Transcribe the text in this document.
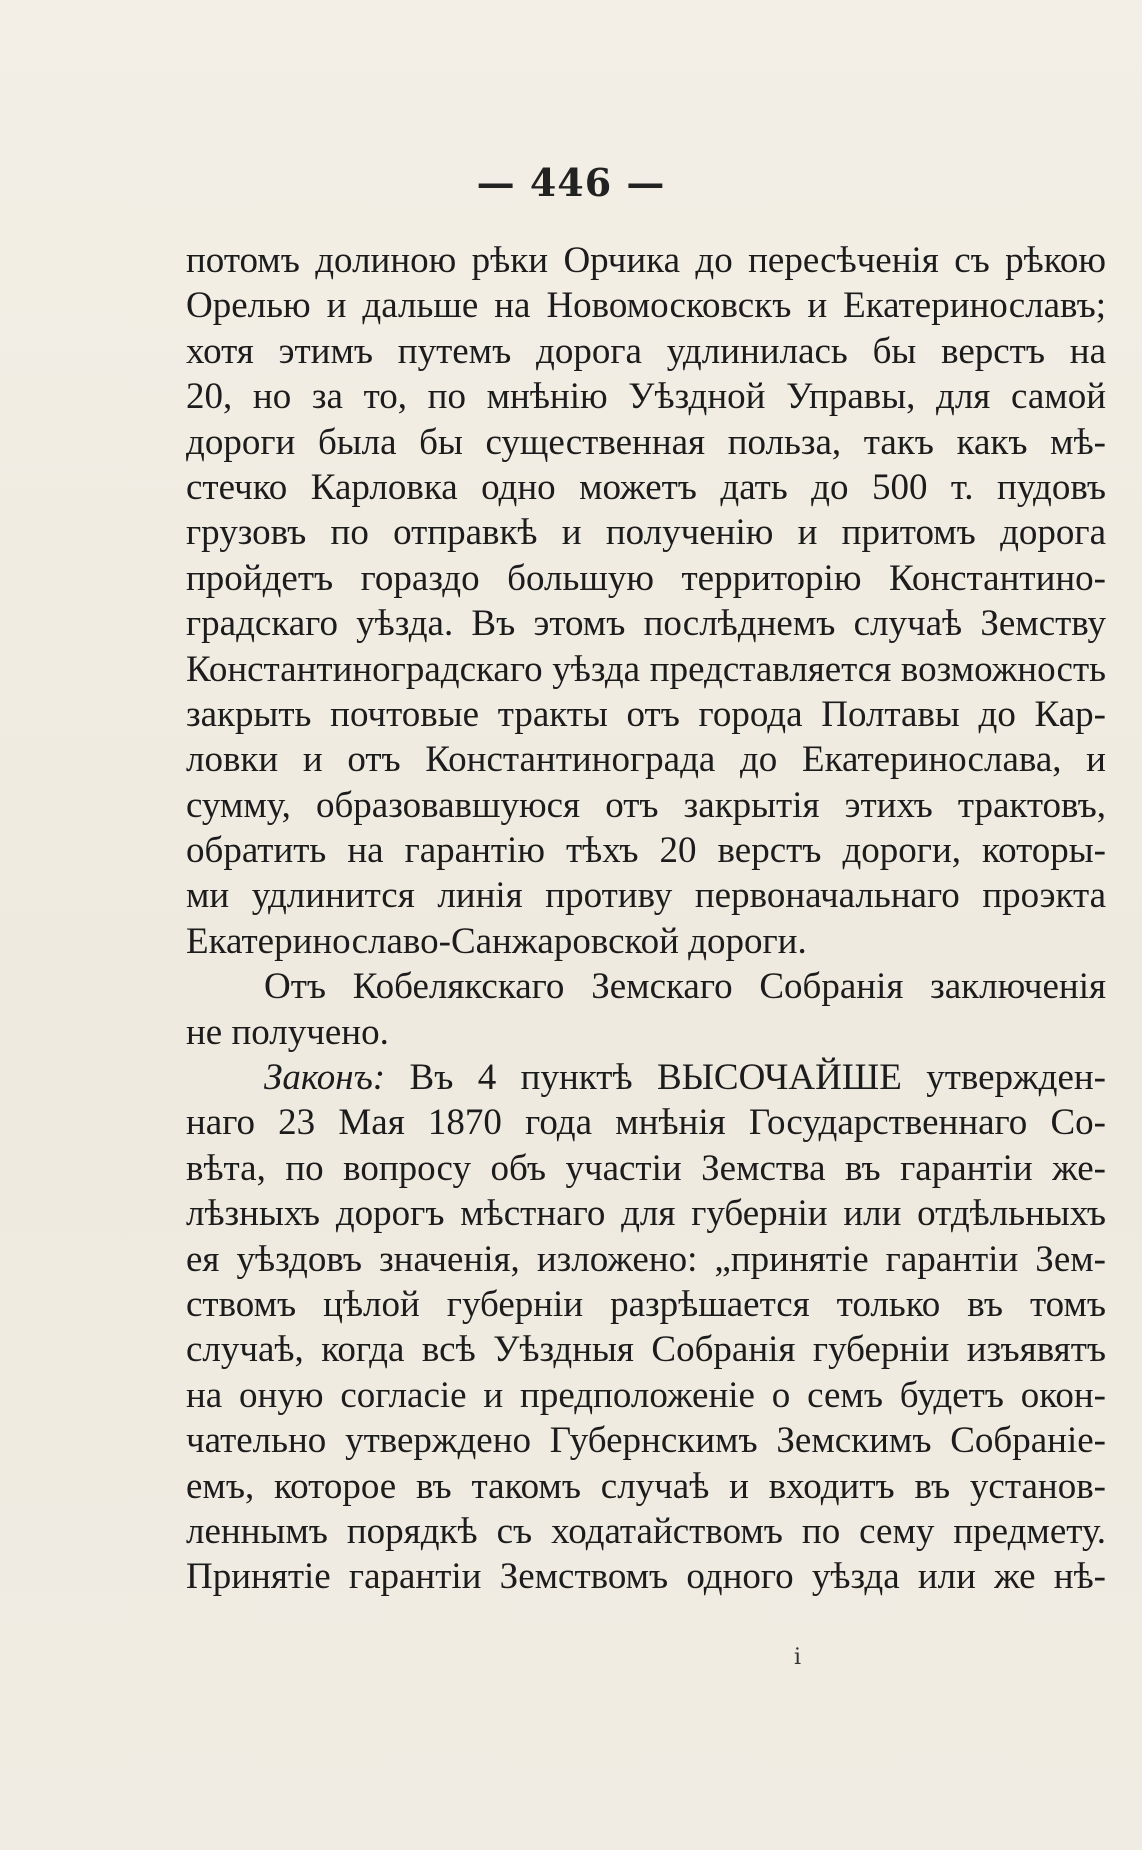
— 446 —
потомъ долиною рѣки Орчика до пересѣченія съ рѣкою
Орелью и дальше на Новомосковскъ и Екатеринославъ;
хотя этимъ путемъ дорога удлинилась бы верстъ на
20, но за то, по мнѣнію Уѣздной Управы, для самой
дороги была бы существенная польза, такъ какъ мѣ-
стечко Карловка одно можетъ дать до 500 т. пудовъ
грузовъ по отправкѣ и полученію и притомъ дорога
пройдетъ гораздо большую территорію Константино-
градскаго уѣзда. Въ этомъ послѣднемъ случаѣ Земству
Константиноградскаго уѣзда представляется возможность
закрыть почтовые тракты отъ города Полтавы до Кар-
ловки и отъ Константинограда до Екатеринослава, и
сумму, образовавшуюся отъ закрытія этихъ трактовъ,
обратить на гарантію тѣхъ 20 верстъ дороги, которы-
ми удлинится линія противу первоначальнаго проэкта
Екатеринославо-Санжаровской дороги.
Отъ Кобелякскаго Земскаго Собранія заключенія
не получено.
Законъ: Въ 4 пунктѣ ВЫСОЧАЙШЕ утвержден-
наго 23 Мая 1870 года мнѣнія Государственнаго Со-
вѣта, по вопросу объ участіи Земства въ гарантіи же-
лѣзныхъ дорогъ мѣстнаго для губерніи или отдѣльныхъ
ея уѣздовъ значенія, изложено: „принятіе гарантіи Зем-
ствомъ цѣлой губерніи разрѣшается только въ томъ
случаѣ, когда всѣ Уѣздныя Собранія губерніи изъявятъ
на оную согласіе и предположеніе о семъ будетъ окон-
чательно утверждено Губернскимъ Земскимъ Собраніе-
емъ, которое въ такомъ случаѣ и входитъ въ установ-
леннымъ порядкѣ съ ходатайствомъ по сему предмету.
Принятіе гарантіи Земствомъ одного уѣзда или же нѣ-
і
